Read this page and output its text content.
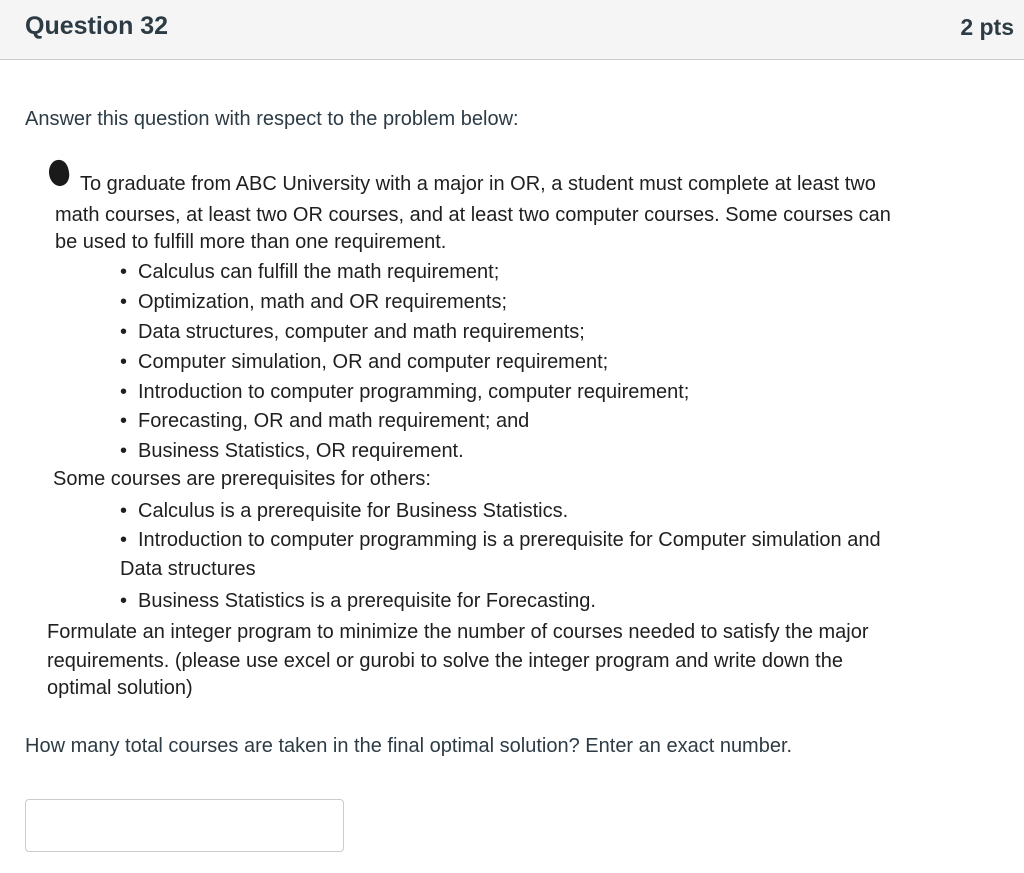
Question 32	2 pts
Answer this question with respect to the problem below:
To graduate from ABC University with a major in OR, a student must complete at least two
math courses, at least two OR courses, and at least two computer courses. Some courses can
be used to fulfill more than one requirement.
• Calculus can fulfill the math requirement;
• Optimization, math and OR requirements;
• Data structures, computer and math requirements;
• Computer simulation, OR and computer requirement;
• Introduction to computer programming, computer requirement;
• Forecasting, OR and math requirement; and
• Business Statistics, OR requirement.
Some courses are prerequisites for others:
• Calculus is a prerequisite for Business Statistics.
• Introduction to computer programming is a prerequisite for Computer simulation and
Data structures
• Business Statistics is a prerequisite for Forecasting.
Formulate an integer program to minimize the number of courses needed to satisfy the major
requirements. (please use excel or gurobi to solve the integer program and write down the
optimal solution)
How many total courses are taken in the final optimal solution? Enter an exact number.
